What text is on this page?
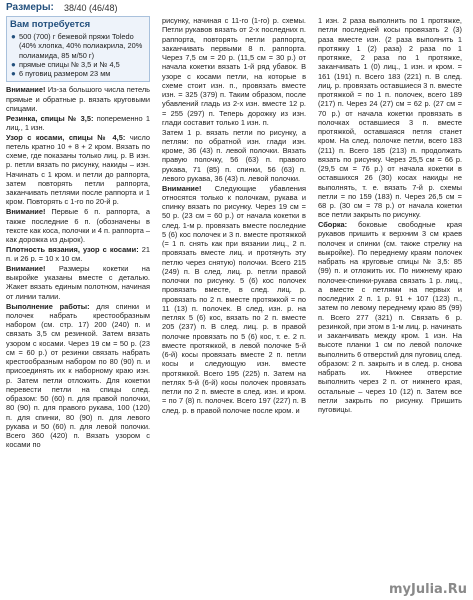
Размеры: 38/40 (46/48)
Вам потребуется
● 500 (700) г бежевой пряжи Toledo (40% хлопка, 40% полиакрила, 20% полиамида, 85 м/50 г)
● прямые спицы № 3,5 и № 4,5
● 6 пуговиц размером 23 мм

Внимание! Из-за большого числа петель прямые и обратные р. вязать круговыми спицами.

Резинка, спицы № 3,5: попеременно 1 лиц., 1 изн.

Узор с косами, спицы № 4,5: число петель кратно 10 + 8 + 2 кром. Вязать по схеме, где показаны только лиц. р. В изн. р. петли вязать по рисунку, накиды – изн. Начинать с 1 кром. и петли до раппорта, затем повторять петли раппорта, заканчивать петлями после раппорта и 1 кром. Повторять с 1-го по 20-й р.

Внимание! Первые 6 п. раппорта, а также последние 6 п. (обозначены в тексте как коса, полочки и 4 п. раппорта – как дорожка из дырок).

Плотность вязания, узор с косами: 21 п. и 26 р. = 10 х 10 см.

Внимание! Размеры кокетки на выкройке указаны вместе с деталью. Жакет вязать единым полотном, начиная от линии талии.

Выполнение работы: для спинки и полочек набрать крестообразным набором (см. стр. 17) 200 (240) п. и связать 3,5 см резинкой. Затем вязать узором с косами. Через 19 см = 50 р. (23 см = 60 р.) от резинки связать набрать крестообразным набором по 80 (90) п. и присоединять их к наборному краю изн. р. Затем петли отложить. Для кокетки перевести петли на спицы след. образом: 50 (60) п. для правой полочки, 80 (90) п. для правого рукава, 100 (120) п. для спинки, 80 (90) п. для левого рукава и 50 (60) п. для левой полочки. Всего 360 (420) п. Вязать узором с косами по

рисунку, начиная с 11-го (1-го) р. схемы. Петли рукавов вязать от 2-х последних п. раппорта, повторять петли раппорта, заканчивать первыми 8 п. раппорта. Через 7,5 см = 20 р. (11,5 см = 30 р.) от начала кокетки вязать 1-й ряд убавок. В узоре с косами петли, на которые в схеме стоит изн. п., провязать вместе изн. = 325 (379) п. Таким образом, после убавлений гладь из 2-х изн. вместе 12 р. = 255 (297) п. Теперь дорожку из изн. глади составит только 1 изн. п.

Затем 1 р. вязать петли по рисунку, а петлям: по обратной изн. глади изн. кроме, 36 (43) п. левой полочки. Вязать правую полочку, 56 (63) п. правого рукава, 71 (85) п. спинки, 56 (63) п. левого рукава, 36 (43) п. левой полочки.

Внимание! Следующие убавления относятся только к полочкам, рукава и спинку вязать по рисунку. Через 19 см = 50 р. (23 см = 60 р.) от начала кокетки в след. 1-м р. провязать вместе последние 5 (6) кос полочек и 3 п. вместе протяжкой (= 1 п. снять как при вязании лиц., 2 п. провязать вместе лиц. и протянуть эту петлю через снятую) полочки. Всего 215 (249) п. В след. лиц. р. петли правой полочки по рисунку. 5 (6) кос полочек провязать вместе, в след. лиц. р. провязать по 2 п. вместе протяжкой = по 11 (13) п. полочек. В след. изн. р. на петлях 5 (6) кос, вязать по 2 п. вместе 205 (237) п. В след. лиц. р. в правой полочке провязать по 5 (6) кос, т. е. 2 п. вместе протяжкой, в левой полочке 5-й (6-й) косы провязать вместе 2 п. петли косы и следующую изн. вместе протяжкой. Всего 195 (225) п. Затем на петлях 5-й (6-й) косы полочек провязать петли по 2 п. вместе в след. изн. и кром. = по 7 (8) п. полочек. Всего 197 (227) п. В след. р. в правой полочке после кром. и

1 изн. 2 раза выполнить по 1 протяжке, петли последней косы провязать 2 (3) раза вместе изн. (2 раза выполнить 1 протяжку 1 (2) раза) 2 раза по 1 протяжке, 2 раза по 1 протяжке, заканчивать 1 (0) лиц., 1 изн. и кром. = 161 (191) п. Всего 183 (221) п. В след. лиц. р. провязать оставшиеся 3 п. вместе протяжкой = по 1 п. полочек, всего 189 (217) п. Через 24 (27) см = 62 р. (27 см = 70 р.) от начала кокетки провязать в полочках оставшиеся 3 п. вместе протяжкой, оставшаяся петля станет кром. На след. полочке петли, всего 183 (211) п. Всего 185 (213) п. продолжать вязать по рисунку. Через 25,5 см = 66 р. (29,5 см = 76 р.) от начала кокетки в оставшихся 26 (30) косах накиды не выполнять, т. е. вязать 7-й р. схемы петли = по 159 (183) п. Через 26,5 см = 68 р. (30 см = 78 р.) от начала кокетки все петли закрыть по рисунку.

Сборка: боковые свободные края рукавов пришить к верхним 3 см краев полочек и спинки (см. также стрелку на выкройке). По переднему краям полочек набрать на круговые спицы № 3,5: 85 (99) п. и отложить их. По нижнему краю полочек-спинки-рукава связать 1 р. лиц., а вместе с петлями на первых и последних 2 п. 1 р. 91 + 107 (123) п., затем по левому переднему краю 85 (99) п. Всего 277 (321) п. Связать 6 р. резинкой, при этом в 1-м лиц. р. начинать и заканчивать между кром. 1 изн. На высоте планки 1 см по левой полочке выполнить 6 отверстий для пуговиц след. образом: 2 п. закрыть и в след. р. снова набрать их. Нижнее отверстие выполнить через 2 п. от нижнего края, остальные – через 10 (12) п. Затем все петли закрыть по рисунку. Пришить пуговицы.

myJulia.Ru
